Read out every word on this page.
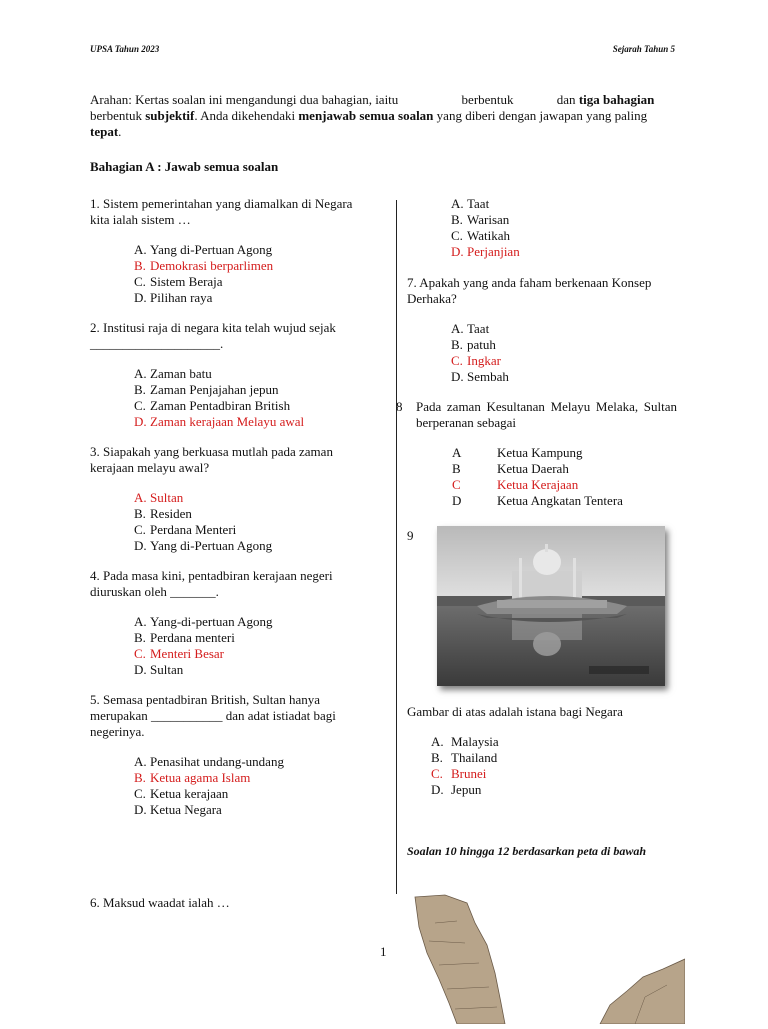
UPSA Tahun 2023	Sejarah Tahun 5
Arahan: Kertas soalan ini mengandungi dua bahagian, iaitu	berbentuk	dan tiga bahagian berbentuk subjektif. Anda dikehendaki menjawab semua soalan yang diberi dengan jawapan yang paling tepat.
Bahagian A : Jawab semua soalan

1. Sistem pemerintahan yang diamalkan di Negara kita ialah sistem …

A. Yang di-Pertuan Agong
B. Demokrasi berparlimen
C. Sistem Beraja
D. Pilihan raya

2. Institusi raja di negara kita telah wujud sejak ____________________.

A. Zaman batu
B. Zaman Penjajahan jepun
C. Zaman Pentadbiran British
D. Zaman kerajaan Melayu awal

3. Siapakah yang berkuasa mutlah pada zaman kerajaan melayu awal?

A. Sultan
B. Residen
C. Perdana Menteri
D. Yang di-Pertuan Agong

4. Pada masa kini, pentadbiran kerajaan negeri diuruskan oleh _______.

A. Yang-di-pertuan Agong
B. Perdana menteri
C. Menteri Besar
D. Sultan

5. Semasa pentadbiran British, Sultan hanya merupakan ___________ dan adat istiadat bagi negerinya.

A. Penasihat undang-undang
B. Ketua agama Islam
C. Ketua kerajaan
D. Ketua Negara
A. Taat
B. Warisan
C. Watikah
D. Perjanjian

7. Apakah yang anda faham berkenaan Konsep Derhaka?

A. Taat
B. patuh
C. Ingkar
D. Sembah
8 Pada zaman Kesultanan Melayu Melaka, Sultan berperanan sebagai
A	Ketua Kampung
B	Ketua Daerah
C	Ketua Kerajaan
D	Ketua Angkatan Tentera
9
Gambar di atas adalah istana bagi Negara
A. Malaysia
B. Thailand
C. Brunei
D. Jepun
Soalan 10 hingga 12 berdasarkan peta di bawah
6. Maksud waadat ialah …
1
